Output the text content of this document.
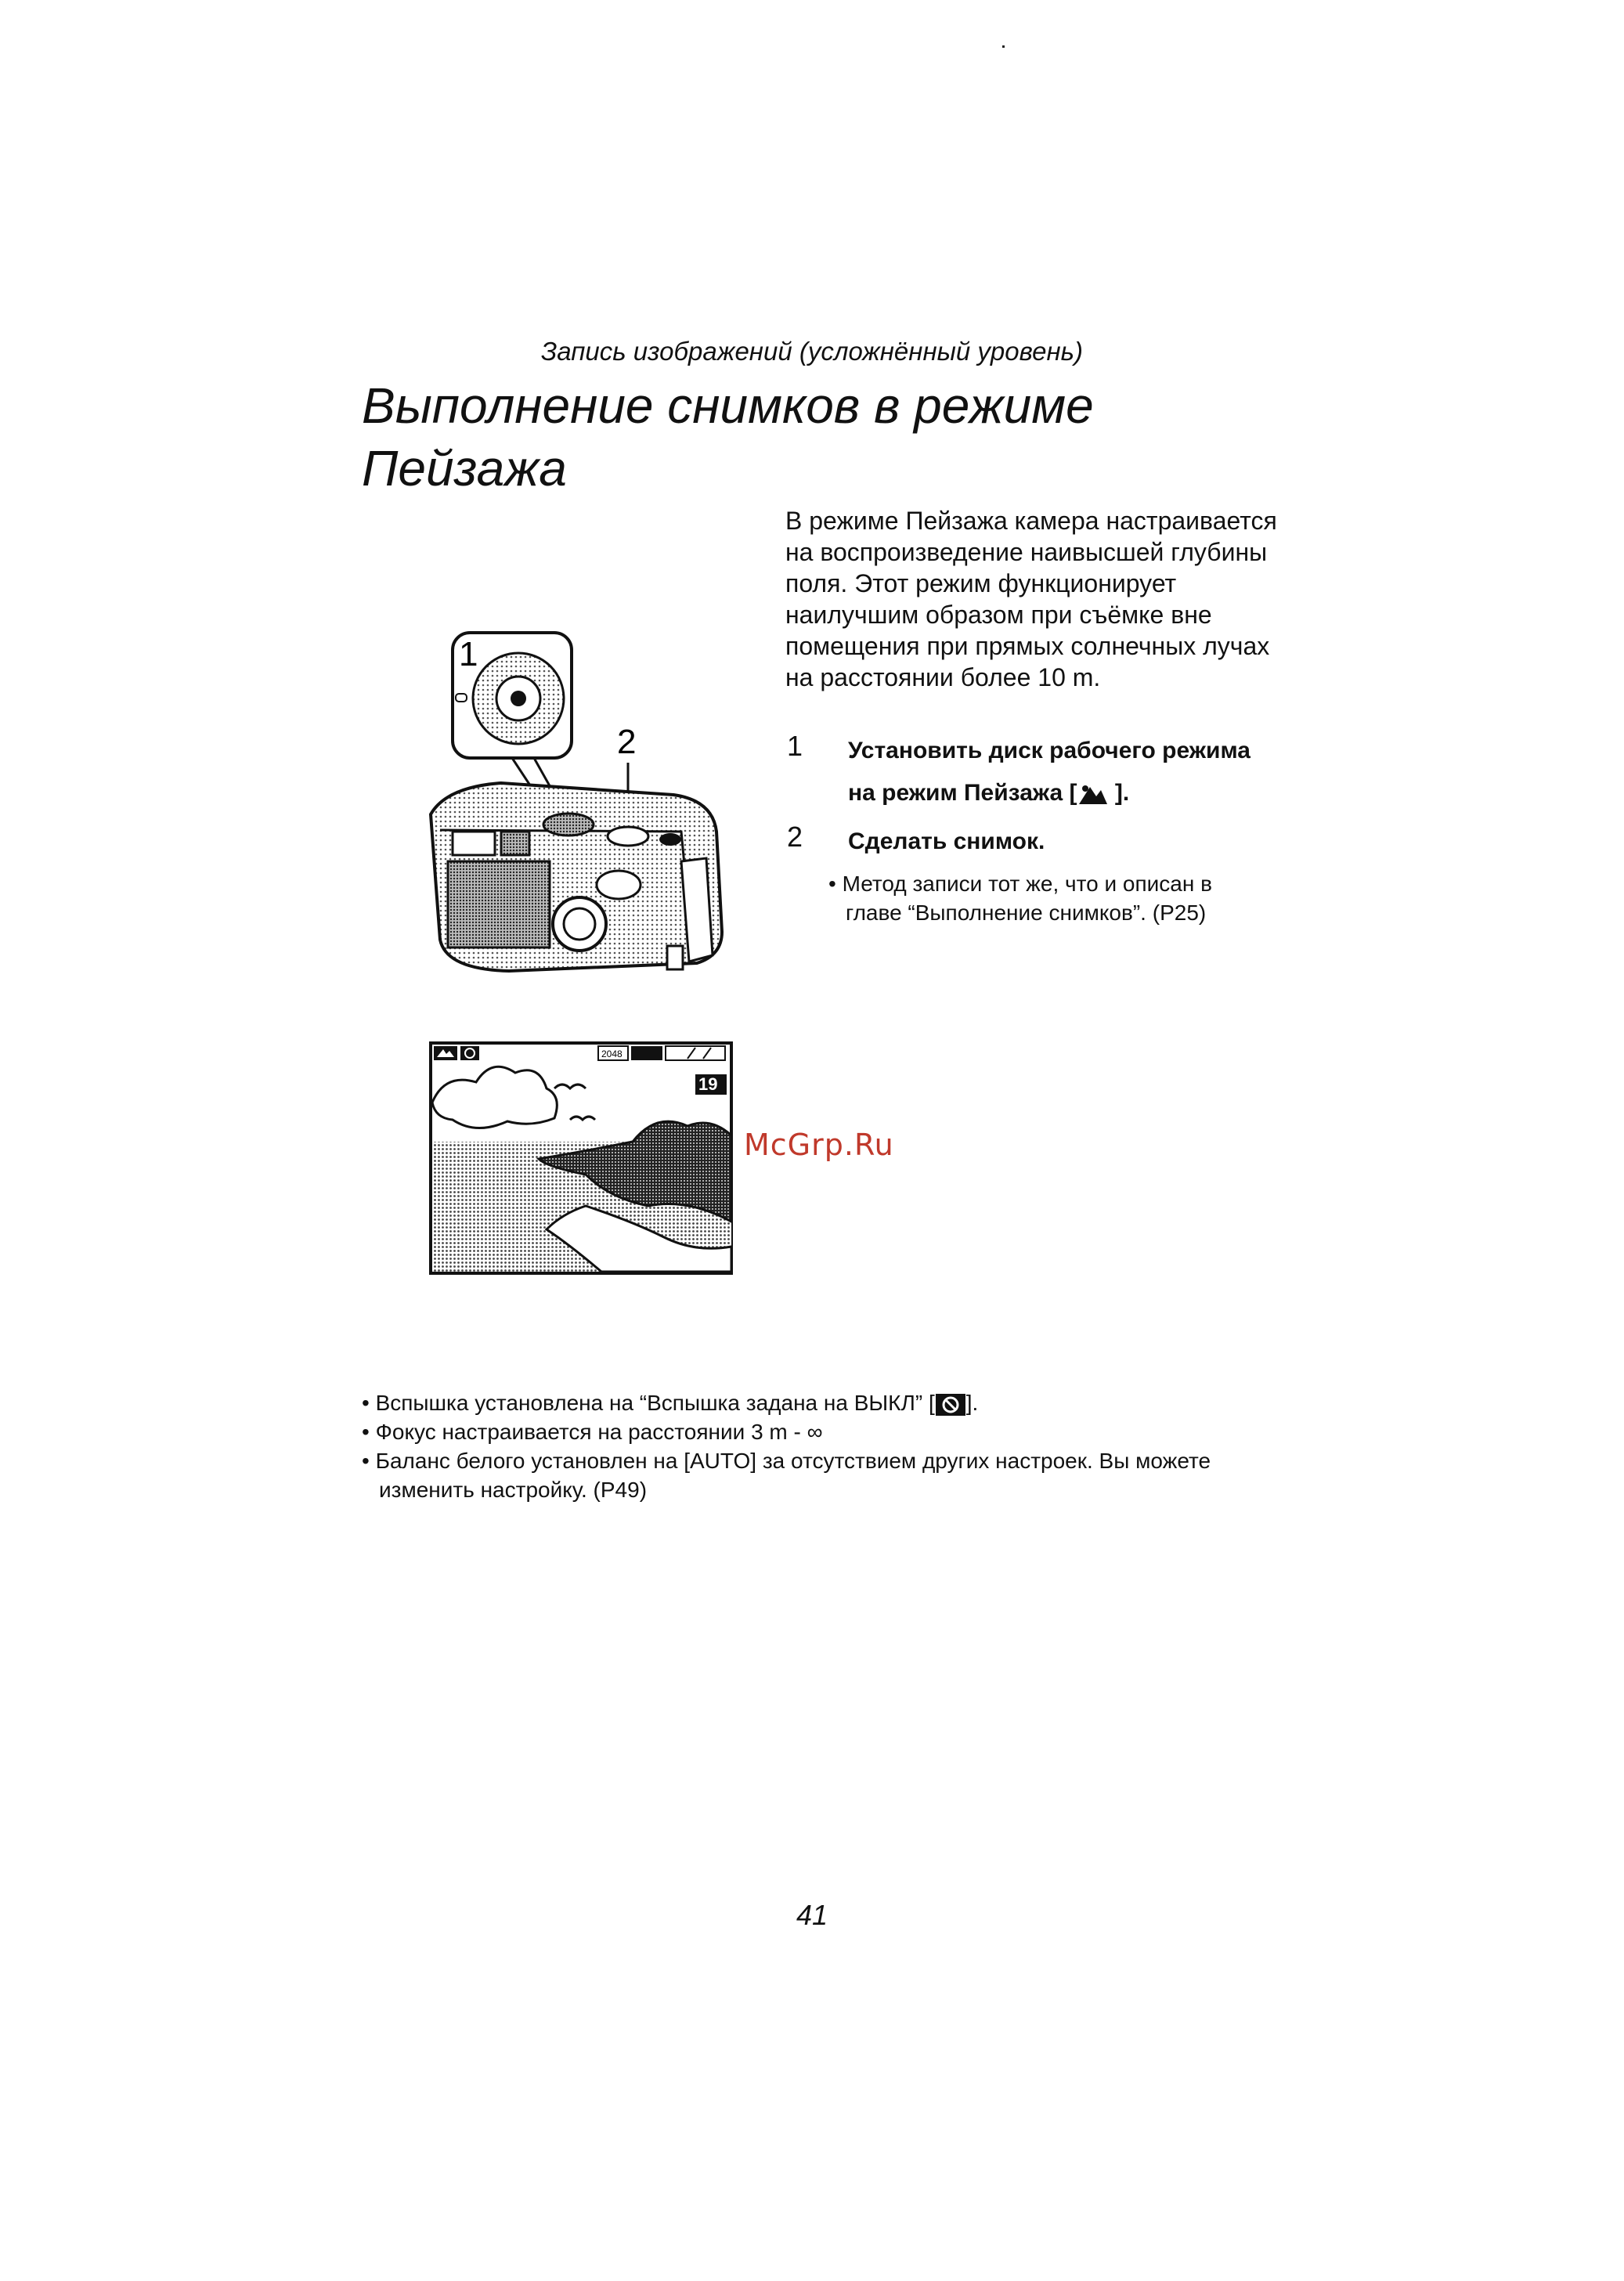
Запись изображений (усложнённый уровень)
Выполнение снимков в режиме
Пейзажа
В режиме Пейзажа камера настраивается
на воспроизведение наивысшей глубины
поля. Этот режим функционирует
наилучшим образом при съёмке вне
помещения при прямых солнечных лучах
на расстоянии более 10 m.
1 Установить диск рабочего режима
на режим Пейзажа [ ].
2 Сделать снимок.
• Метод записи тот же, что и описан в
главе “Выполнение снимков”. (P25)
1
2
2048
19
McGrp.Ru
• Вспышка установлена на “Вспышка задана на ВЫКЛ” [ ].
• Фокус настраивается на расстоянии 3 m - ∞
• Баланс белого установлен на [AUTO] за отсутствием других настроек. Вы можете
изменить настройку. (P49)
41
